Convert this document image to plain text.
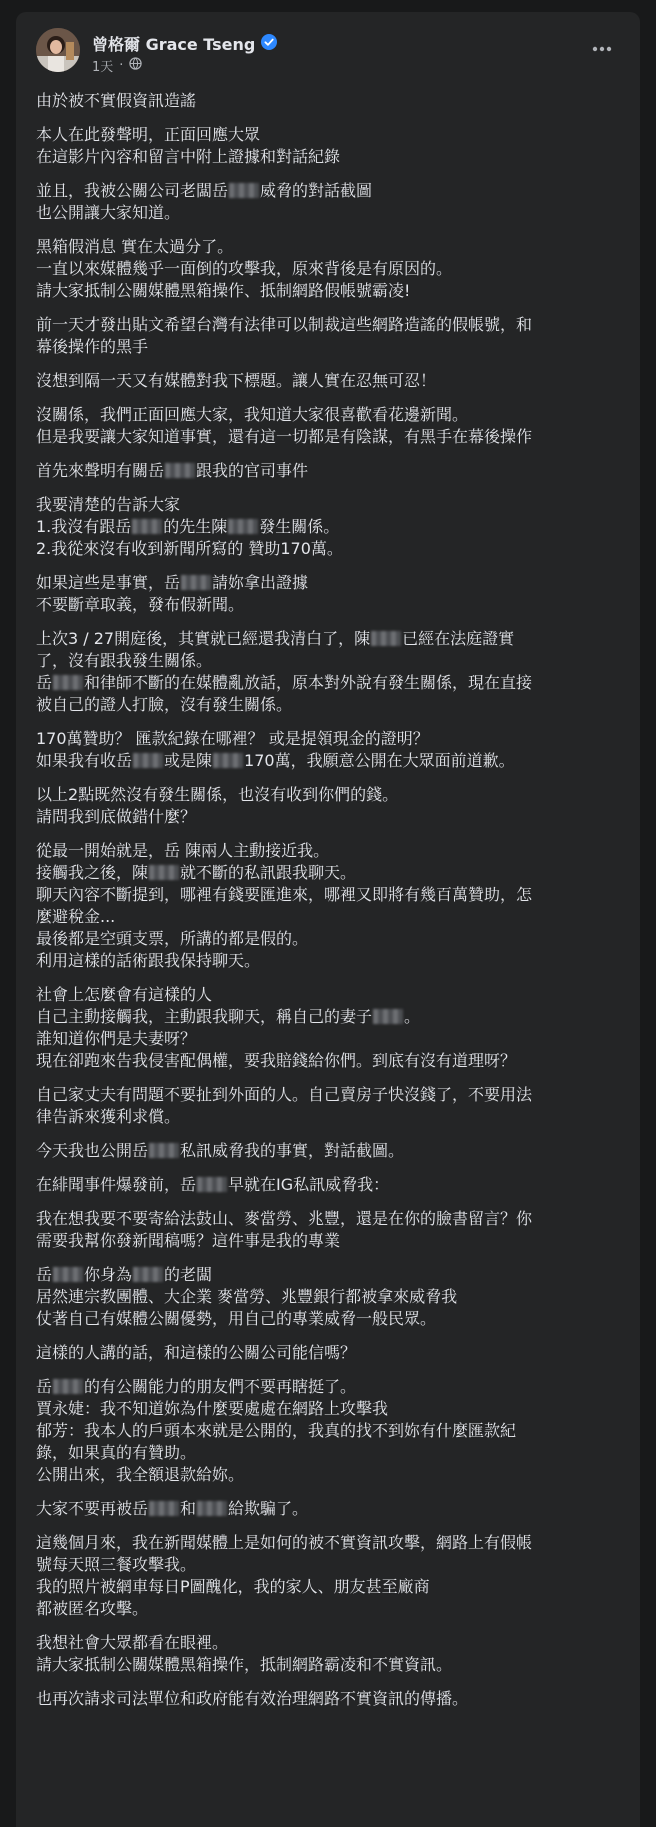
曾格爾 Grace Tseng
1天 ·
由於被不實假資訊造謠
本人在此發聲明，正面回應大眾
在這影片內容和留言中附上證據和對話紀錄
並且，我被公關公司老闆岳 威脅的對話截圖
也公開讓大家知道。
黑箱假消息 實在太過分了。
一直以來媒體幾乎一面倒的攻擊我，原來背後是有原因的。
請大家抵制公關媒體黑箱操作、抵制網路假帳號霸凌!
前一天才發出貼文希望台灣有法律可以制裁這些網路造謠的假帳號，和
幕後操作的黑手
沒想到隔一天又有媒體對我下標題。讓人實在忍無可忍！
沒關係，我們正面回應大家，我知道大家很喜歡看花邊新聞。
但是我要讓大家知道事實，還有這一切都是有陰謀，有黑手在幕後操作
首先來聲明有關岳 跟我的官司事件
我要清楚的告訴大家
1.我沒有跟岳 的先生陳 發生關係。
2.我從來沒有收到新聞所寫的 贊助170萬。
如果這些是事實，岳 請妳拿出證據
不要斷章取義，發布假新聞。
上次3 / 27開庭後，其實就已經還我清白了，陳 已經在法庭證實
了，沒有跟我發生關係。
岳 和律師不斷的在媒體亂放話，原本對外說有發生關係，現在直接
被自己的證人打臉，沒有發生關係。
170萬贊助？ 匯款紀錄在哪裡？ 或是提領現金的證明？
如果我有收岳 或是陳 170萬，我願意公開在大眾面前道歉。
以上2點既然沒有發生關係，也沒有收到你們的錢。
請問我到底做錯什麼？
從最一開始就是，岳 陳兩人主動接近我。
接觸我之後，陳 就不斷的私訊跟我聊天。
聊天內容不斷提到，哪裡有錢要匯進來，哪裡又即將有幾百萬贊助，怎
麼避稅金...
最後都是空頭支票，所講的都是假的。
利用這樣的話術跟我保持聊天。
社會上怎麼會有這樣的人
自己主動接觸我，主動跟我聊天，稱自己的妻子 。
誰知道你們是夫妻呀？
現在卻跑來告我侵害配偶權，要我賠錢給你們。到底有沒有道理呀？
自己家丈夫有問題不要扯到外面的人。自己賣房子快沒錢了，不要用法
律告訴來獲利求償。
今天我也公開岳 私訊威脅我的事實，對話截圖。
在緋聞事件爆發前，岳 早就在IG私訊威脅我：
我在想我要不要寄給法鼓山、麥當勞、兆豐，還是在你的臉書留言？你
需要我幫你發新聞稿嗎？這件事是我的專業
岳 你身為 的老闆
居然連宗教團體、大企業 麥當勞、兆豐銀行都被拿來威脅我
仗著自己有媒體公關優勢，用自己的專業威脅一般民眾。
這樣的人講的話，和這樣的公關公司能信嗎？
岳 的有公關能力的朋友們不要再瞎挺了。
賈永婕：我不知道妳為什麼要處處在網路上攻擊我
郁芳：我本人的戶頭本來就是公開的，我真的找不到妳有什麼匯款紀
錄，如果真的有贊助。
公開出來，我全額退款給妳。
大家不要再被岳 和 給欺騙了。
這幾個月來，我在新聞媒體上是如何的被不實資訊攻擊，網路上有假帳
號每天照三餐攻擊我。
我的照片被網車每日P圖醜化，我的家人、朋友甚至廠商
都被匿名攻擊。
我想社會大眾都看在眼裡。
請大家抵制公關媒體黑箱操作，抵制網路霸凌和不實資訊。
也再次請求司法單位和政府能有效治理網路不實資訊的傳播。
